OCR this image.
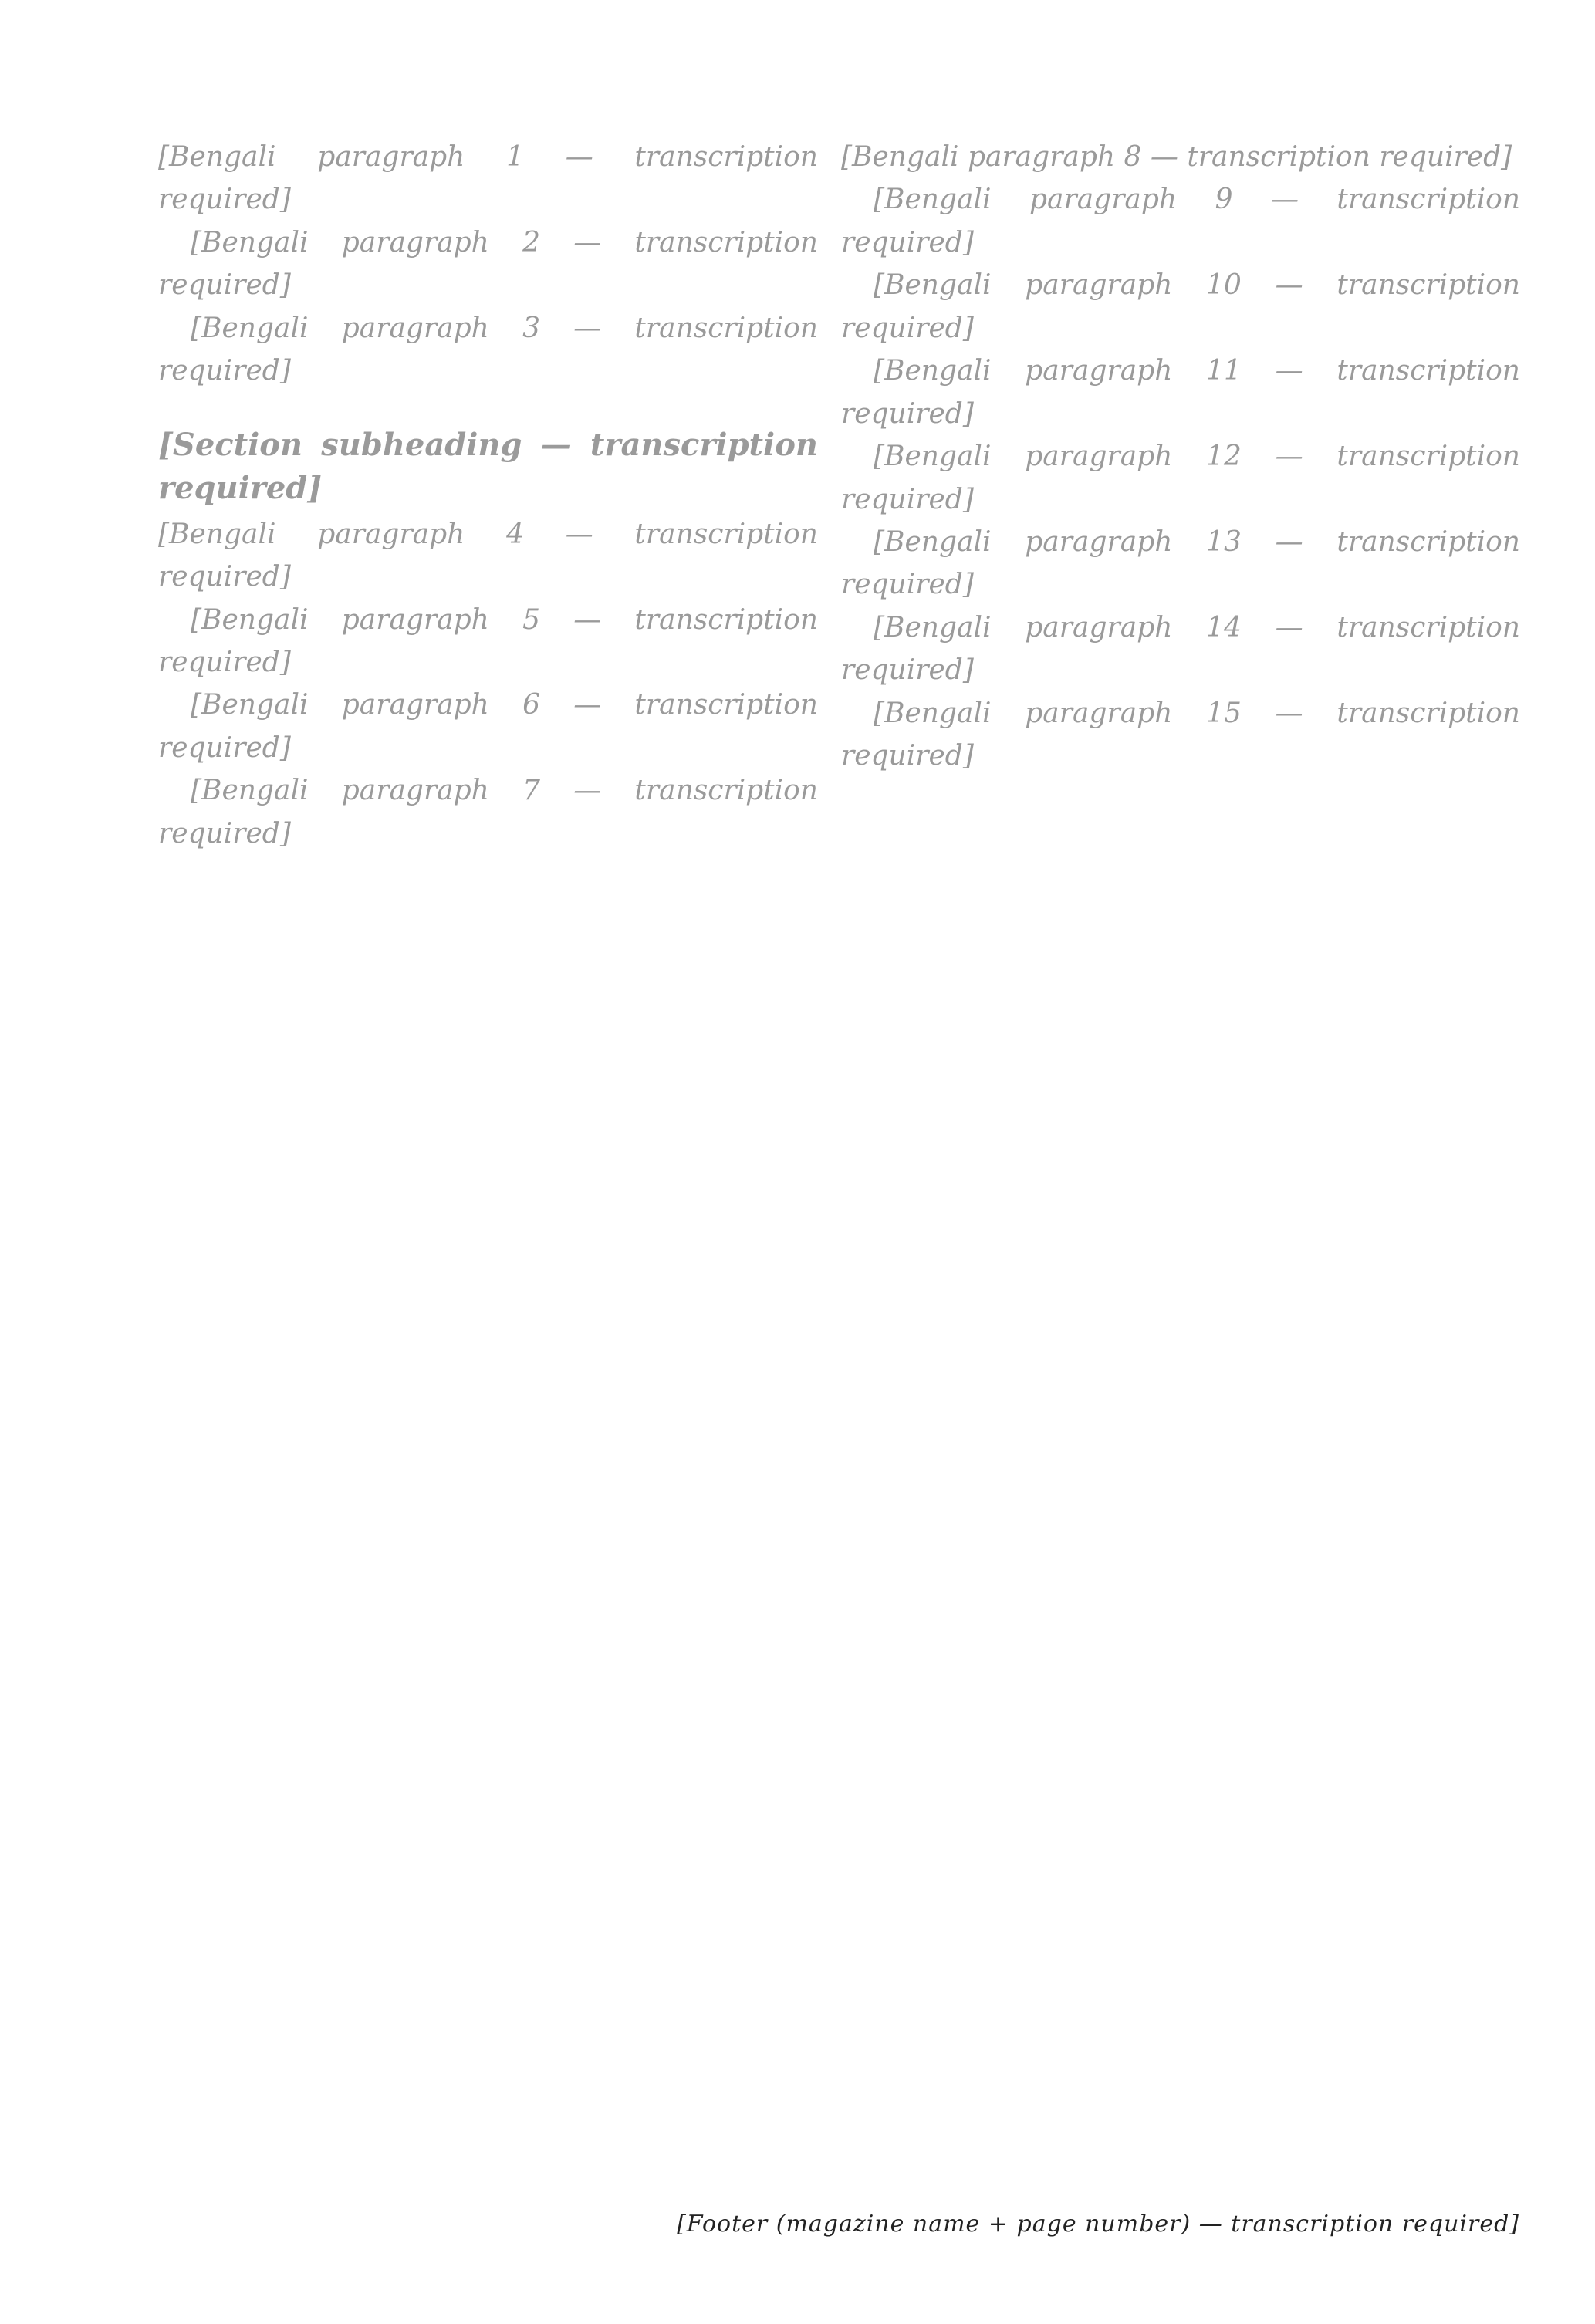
[Bengali paragraph 1 — transcription required]

[Bengali paragraph 2 — transcription required]

[Bengali paragraph 3 — transcription required]

[Section subheading — transcription required]

[Bengali paragraph 4 — transcription required]

[Bengali paragraph 5 — transcription required]

[Bengali paragraph 6 — transcription required]

[Bengali paragraph 7 — transcription required]

[Bengali paragraph 8 — transcription required]

[Bengali paragraph 9 — transcription required]

[Bengali paragraph 10 — transcription required]

[Bengali paragraph 11 — transcription required]

[Bengali paragraph 12 — transcription required]

[Bengali paragraph 13 — transcription required]

[Bengali paragraph 14 — transcription required]

[Bengali paragraph 15 — transcription required]

[Footer (magazine name + page number) — transcription required]
